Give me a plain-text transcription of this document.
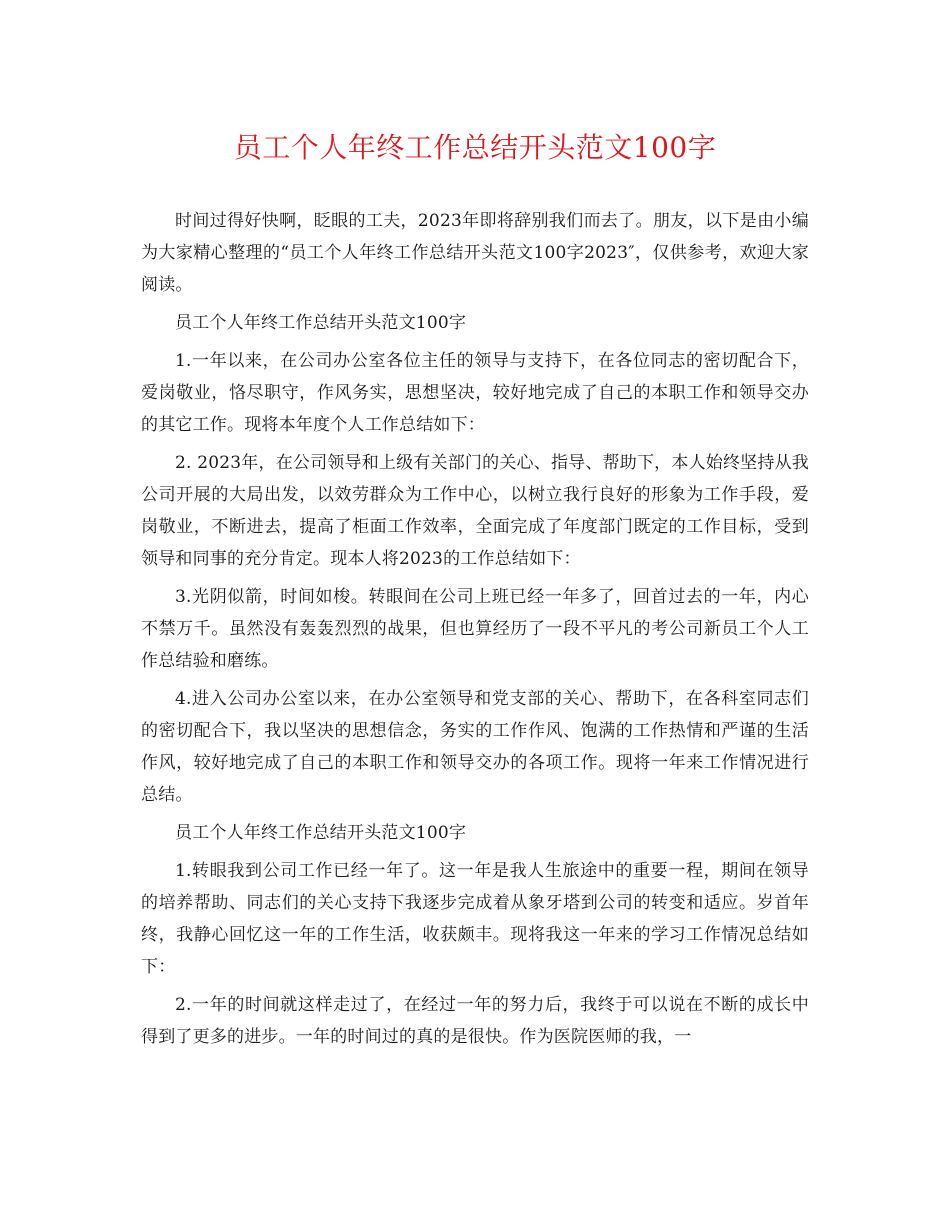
员工个人年终工作总结开头范文100字

时间过得好快啊，眨眼的工夫，2023年即将辞别我们而去了。朋友，以下是由小编为大家精心整理的“员工个人年终工作总结开头范文100字2023″，仅供参考，欢迎大家阅读。

员工个人年终工作总结开头范文100字

1.一年以来，在公司办公室各位主任的领导与支持下，在各位同志的密切配合下，爱岗敬业，恪尽职守，作风务实，思想坚决，较好地完成了自己的本职工作和领导交办的其它工作。现将本年度个人工作总结如下：

2. 2023年，在公司领导和上级有关部门的关心、指导、帮助下，本人始终坚持从我公司开展的大局出发，以效劳群众为工作中心，以树立我行良好的形象为工作手段，爱岗敬业，不断进去，提高了柜面工作效率，全面完成了年度部门既定的工作目标，受到领导和同事的充分肯定。现本人将2023的工作总结如下：

3.光阴似箭，时间如梭。转眼间在公司上班已经一年多了，回首过去的一年，内心不禁万千。虽然没有轰轰烈烈的战果，但也算经历了一段不平凡的考公司新员工个人工作总结验和磨练。

4.进入公司办公室以来，在办公室领导和党支部的关心、帮助下，在各科室同志们的密切配合下，我以坚决的思想信念，务实的工作作风、饱满的工作热情和严谨的生活作风，较好地完成了自己的本职工作和领导交办的各项工作。现将一年来工作情况进行总结。

员工个人年终工作总结开头范文100字

1.转眼我到公司工作已经一年了。这一年是我人生旅途中的重要一程，期间在领导的培养帮助、同志们的关心支持下我逐步完成着从象牙塔到公司的转变和适应。岁首年终，我静心回忆这一年的工作生活，收获颇丰。现将我这一年来的学习工作情况总结如下：

2.一年的时间就这样走过了，在经过一年的努力后，我终于可以说在不断的成长中得到了更多的进步。一年的时间过的真的是很快。作为医院医师的我，一
